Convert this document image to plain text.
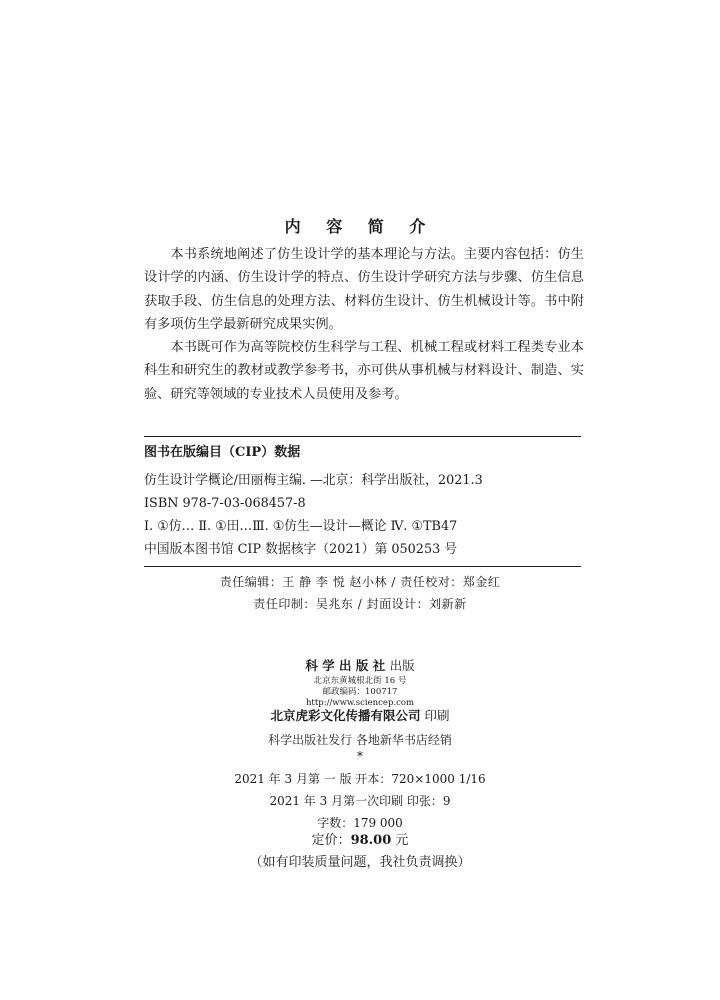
内 容 简 介

本书系统地阐述了仿生设计学的基本理论与方法。主要内容包括：仿生设计学的内涵、仿生设计学的特点、仿生设计学研究方法与步骤、仿生信息获取手段、仿生信息的处理方法、材料仿生设计、仿生机械设计等。书中附有多项仿生学最新研究成果实例。

本书既可作为高等院校仿生科学与工程、机械工程或材料工程类专业本科生和研究生的教材或教学参考书，亦可供从事机械与材料设计、制造、实验、研究等领域的专业技术人员使用及参考。

图书在版编目（CIP）数据
仿生设计学概论/田丽梅主编. —北京：科学出版社，2021.3
ISBN 978-7-03-068457-8
Ⅰ. ①仿… Ⅱ. ①田…Ⅲ. ①仿生—设计—概论 Ⅳ. ①TB47
中国版本图书馆 CIP 数据核字（2021）第 050253 号
责任编辑：王 静 李 悦 赵小林 / 责任校对：郑金红
责任印制：吴兆东 / 封面设计：刘新新
科 学 出 版 社 出版
北京东黄城根北街 16 号
邮政编码：100717
http://www.sciencep.com
北京虎彩文化传播有限公司 印刷
科学出版社发行 各地新华书店经销
*
2021 年 3 月第 一 版 开本：720×1000 1/16
2021 年 3 月第一次印刷 印张：9
字数：179 000
定价：98.00 元
（如有印装质量问题，我社负责调换）
